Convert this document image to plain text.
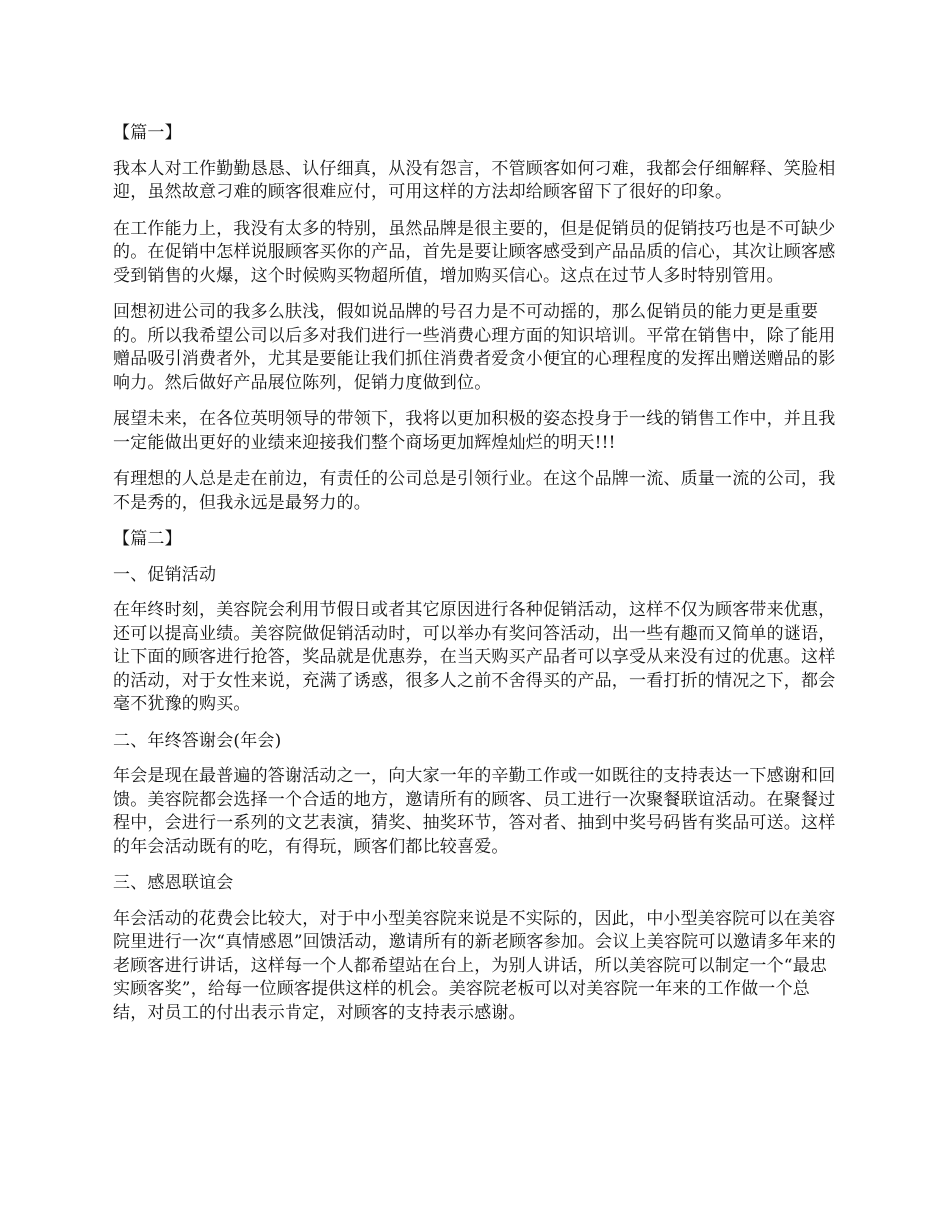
【篇一】

我本人对工作勤勤恳恳、认仔细真，从没有怨言，不管顾客如何刁难，我都会仔细解释、笑脸相迎，虽然故意刁难的顾客很难应付，可用这样的方法却给顾客留下了很好的印象。

在工作能力上，我没有太多的特别，虽然品牌是很主要的，但是促销员的促销技巧也是不可缺少的。在促销中怎样说服顾客买你的产品，首先是要让顾客感受到产品品质的信心，其次让顾客感受到销售的火爆，这个时候购买物超所值，增加购买信心。这点在过节人多时特别管用。

回想初进公司的我多么肤浅，假如说品牌的号召力是不可动摇的，那么促销员的能力更是重要的。所以我希望公司以后多对我们进行一些消费心理方面的知识培训。平常在销售中，除了能用赠品吸引消费者外，尤其是要能让我们抓住消费者爱贪小便宜的心理程度的发挥出赠送赠品的影响力。然后做好产品展位陈列，促销力度做到位。

展望未来，在各位英明领导的带领下，我将以更加积极的姿态投身于一线的销售工作中，并且我一定能做出更好的业绩来迎接我们整个商场更加辉煌灿烂的明天!!!

有理想的人总是走在前边，有责任的公司总是引领行业。在这个品牌一流、质量一流的公司，我不是秀的，但我永远是最努力的。

【篇二】

一、促销活动

在年终时刻，美容院会利用节假日或者其它原因进行各种促销活动，这样不仅为顾客带来优惠，还可以提高业绩。美容院做促销活动时，可以举办有奖问答活动，出一些有趣而又简单的谜语，让下面的顾客进行抢答，奖品就是优惠券，在当天购买产品者可以享受从来没有过的优惠。这样的活动，对于女性来说，充满了诱惑，很多人之前不舍得买的产品，一看打折的情况之下，都会毫不犹豫的购买。

二、年终答谢会(年会)

年会是现在最普遍的答谢活动之一，向大家一年的辛勤工作或一如既往的支持表达一下感谢和回馈。美容院都会选择一个合适的地方，邀请所有的顾客、员工进行一次聚餐联谊活动。在聚餐过程中，会进行一系列的文艺表演，猜奖、抽奖环节，答对者、抽到中奖号码皆有奖品可送。这样的年会活动既有的吃，有得玩，顾客们都比较喜爱。

三、感恩联谊会

年会活动的花费会比较大，对于中小型美容院来说是不实际的，因此，中小型美容院可以在美容院里进行一次“真情感恩”回馈活动，邀请所有的新老顾客参加。会议上美容院可以邀请多年来的老顾客进行讲话，这样每一个人都希望站在台上，为别人讲话，所以美容院可以制定一个“最忠实顾客奖”，给每一位顾客提供这样的机会。美容院老板可以对美容院一年来的工作做一个总结，对员工的付出表示肯定，对顾客的支持表示感谢。
